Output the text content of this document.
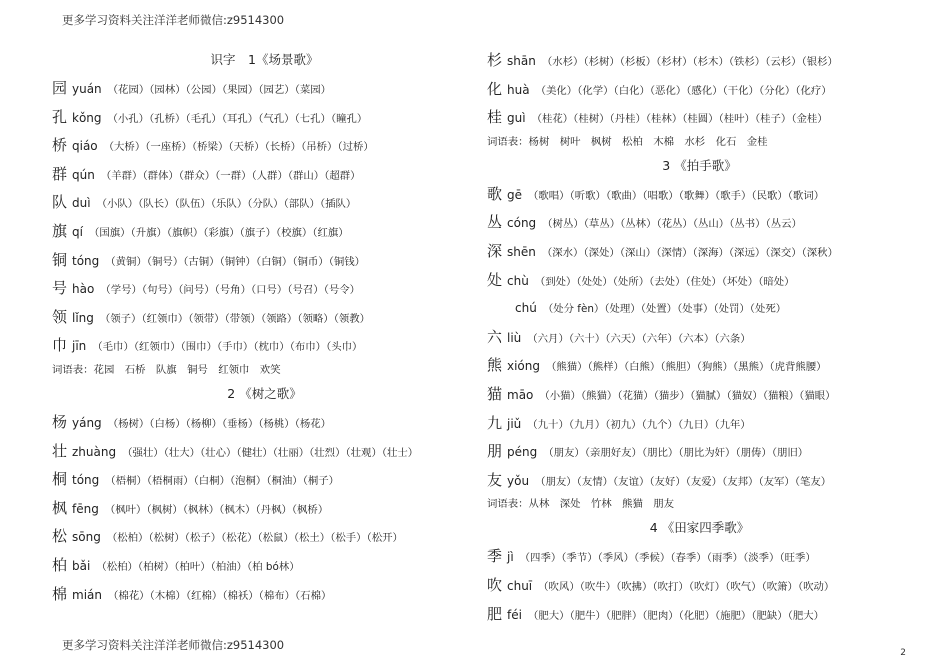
更多学习资料关注洋洋老师微信:z9514300
识字　1《场景歌》
园 yuán （花园）（园林）（公园）（果园）（园艺）（菜园）
孔 kǒng （小孔）（孔桥）（毛孔）（耳孔）（气孔）（七孔）（瞳孔）
桥 qiáo （大桥）（一座桥）（桥梁）（天桥）（长桥）（吊桥）（过桥）
群 qún （羊群）（群体）（群众）（一群）（人群）（群山）（超群）
队 duì （小队）（队长）（队伍）（乐队）（分队）（部队）（插队）
旗 qí （国旗）（升旗）（旗帜）（彩旗）（旗子）（校旗）（红旗）
铜 tóng （黄铜）（铜号）（古铜）（铜钟）（白铜）（铜币）（铜钱）
号 hào （学号）（句号）（问号）（号角）（口号）（号召）（号令）
领 lǐng （领子）（红领巾）（领带）（带领）（领路）（领略）（领教）
巾 jīn （毛巾）（红领巾）（围巾）（手巾）（枕巾）（布巾）（头巾）
词语表：花园　石桥　队旗　铜号　红领巾　欢笑
2 《树之歌》
杨 yáng （杨树）（白杨）（杨柳）（垂杨）（杨桃）（杨花）
壮 zhuàng （强壮）（壮大）（壮心）（健壮）（壮丽）（壮烈）（壮观）（壮士）
桐 tóng （梧桐）（梧桐雨）（白桐）（泡桐）（桐油）（桐子）
枫 fēng （枫叶）（枫树）（枫林）（枫木）（丹枫）（枫桥）
松 sōng （松柏）（松树）（松子）（松花）（松鼠）（松土）（松手）（松开）
柏 bǎi （松柏）（柏树）（柏叶）（柏油）（柏 bó林）
棉 mián （棉花）（木棉）（红棉）（棉袄）（棉布）（石棉）
杉 shān （水杉）（杉树）（杉板）（杉材）（杉木）（铁杉）（云杉）（银杉）
化 huà （美化）（化学）（白化）（恶化）（感化）（干化）（分化）（化疗）
桂 guì （桂花）（桂树）（丹桂）（桂林）（桂圆）（桂叶）（桂子）（金桂）
词语表：杨树　树叶　枫树　松柏　木棉　水杉　化石　金桂
3 《拍手歌》
歌 gē （歌唱）（听歌）（歌曲）（唱歌）（歌舞）（歌手）（民歌）（歌词）
丛 cóng （树丛）（草丛）（丛林）（花丛）（丛山）（丛书）（丛云）
深 shēn （深水）（深处）（深山）（深情）（深海）（深远）（深交）（深秋）
处 chù （到处）（处处）（处所）（去处）（住处）（坏处）（暗处）
chú （处分 fèn）（处理）（处置）（处事）（处罚）（处死）
六 liù （六月）（六十）（六天）（六年）（六本）（六条）
熊 xióng （熊猫）（熊样）（白熊）（熊胆）（狗熊）（黑熊）（虎背熊腰）
猫 māo （小猫）（熊猫）（花猫）（猫步）（猫腻）（猫奴）（猫粮）（猫眼）
九 jiǔ （九十）（九月）（初九）（九个）（九日）（九年）
朋 péng （朋友）（亲朋好友）（朋比）（朋比为奸）（朋俦）（朋旧）
友 yǒu （朋友）（友情）（友谊）（友好）（友爱）（友邦）（友军）（笔友）
词语表：从林　深处　竹林　熊猫　朋友
4 《田家四季歌》
季 jì （四季）（季节）（季风）（季候）（春季）（雨季）（淡季）（旺季）
吹 chuī （吹风）（吹牛）（吹拂）（吹打）（吹灯）（吹气）（吹箫）（吹动）
肥 féi （肥大）（肥牛）（肥胖）（肥肉）（化肥）（施肥）（肥缺）（肥大）
更多学习资料关注洋洋老师微信:z9514300
2
